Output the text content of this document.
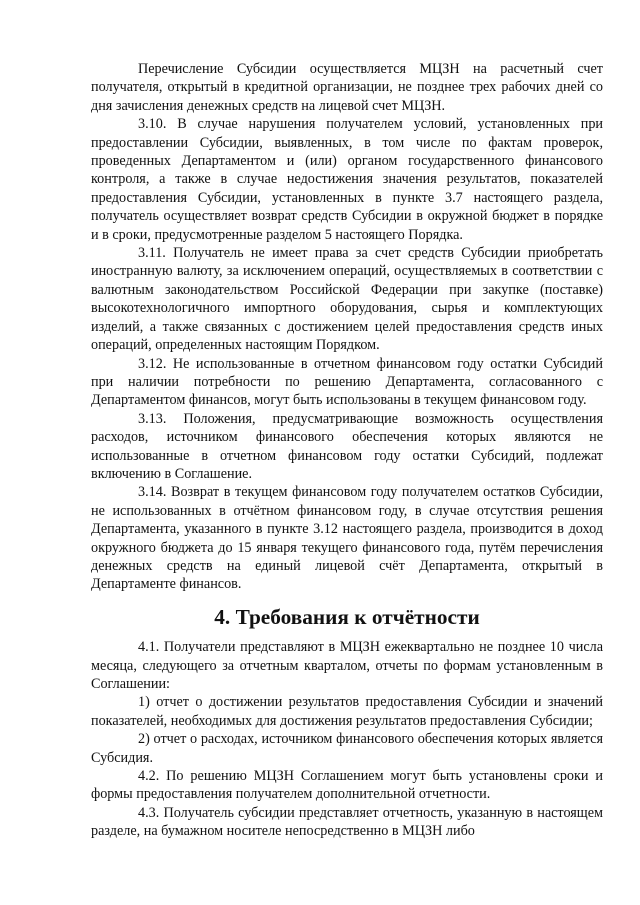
Перечисление Субсидии осуществляется МЦЗН на расчетный счет получателя, открытый в кредитной организации, не позднее трех рабочих дней со дня зачисления денежных средств на лицевой счет МЦЗН.

3.10. В случае нарушения получателем условий, установленных при предоставлении Субсидии, выявленных, в том числе по фактам проверок, проведенных Департаментом и (или) органом государственного финансового контроля, а также в случае недостижения значения результатов, показателей предоставления Субсидии, установленных в пункте 3.7 настоящего раздела, получатель осуществляет возврат средств Субсидии в окружной бюджет в порядке и в сроки, предусмотренные разделом 5 настоящего Порядка.

3.11. Получатель не имеет права за счет средств Субсидии приобретать иностранную валюту, за исключением операций, осуществляемых в соответствии с валютным законодательством Российской Федерации при закупке (поставке) высокотехнологичного импортного оборудования, сырья и комплектующих изделий, а также связанных с достижением целей предоставления средств иных операций, определенных настоящим Порядком.

3.12. Не использованные в отчетном финансовом году остатки Субсидий при наличии потребности по решению Департамента, согласованного с Департаментом финансов, могут быть использованы в текущем финансовом году.

3.13. Положения, предусматривающие возможность осуществления расходов, источником финансового обеспечения которых являются не использованные в отчетном финансовом году остатки Субсидий, подлежат включению в Соглашение.

3.14. Возврат в текущем финансовом году получателем остатков Субсидии, не использованных в отчётном финансовом году, в случае отсутствия решения Департамента, указанного в пункте 3.12 настоящего раздела, производится в доход окружного бюджета до 15 января текущего финансового года, путём перечисления денежных средств на единый лицевой счёт Департамента, открытый в Департаменте финансов.

4. Требования к отчётности

4.1. Получатели представляют в МЦЗН ежеквартально не позднее 10 числа месяца, следующего за отчетным кварталом, отчеты по формам установленным в Соглашении:

1) отчет о достижении результатов предоставления Субсидии и значений показателей, необходимых для достижения результатов предоставления Субсидии;

2) отчет о расходах, источником финансового обеспечения которых является Субсидия.

4.2. По решению МЦЗН Соглашением могут быть установлены сроки и формы предоставления получателем дополнительной отчетности.

4.3. Получатель субсидии представляет отчетность, указанную в настоящем разделе, на бумажном носителе непосредственно в МЦЗН либо
